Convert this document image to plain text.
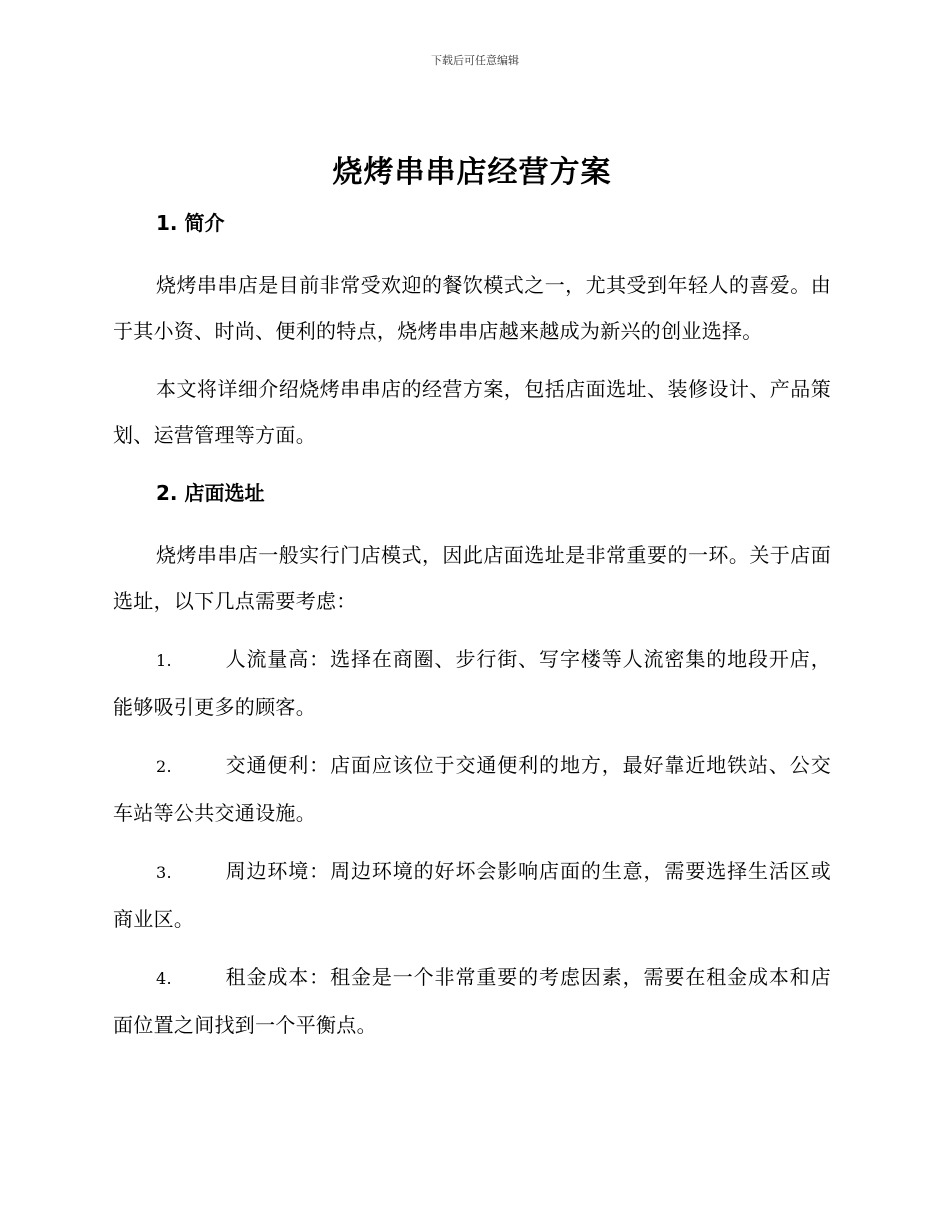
下载后可任意编辑
烧烤串串店经营方案
1. 简介

烧烤串串店是目前非常受欢迎的餐饮模式之一，尤其受到年轻人的喜爱。由于其小资、时尚、便利的特点，烧烤串串店越来越成为新兴的创业选择。

本文将详细介绍烧烤串串店的经营方案，包括店面选址、装修设计、产品策划、运营管理等方面。

2. 店面选址

烧烤串串店一般实行门店模式，因此店面选址是非常重要的一环。关于店面选址，以下几点需要考虑：

1.	人流量高：选择在商圈、步行街、写字楼等人流密集的地段开店，能够吸引更多的顾客。

2.	交通便利：店面应该位于交通便利的地方，最好靠近地铁站、公交车站等公共交通设施。

3.	周边环境：周边环境的好坏会影响店面的生意，需要选择生活区或商业区。

4.	租金成本：租金是一个非常重要的考虑因素，需要在租金成本和店面位置之间找到一个平衡点。
